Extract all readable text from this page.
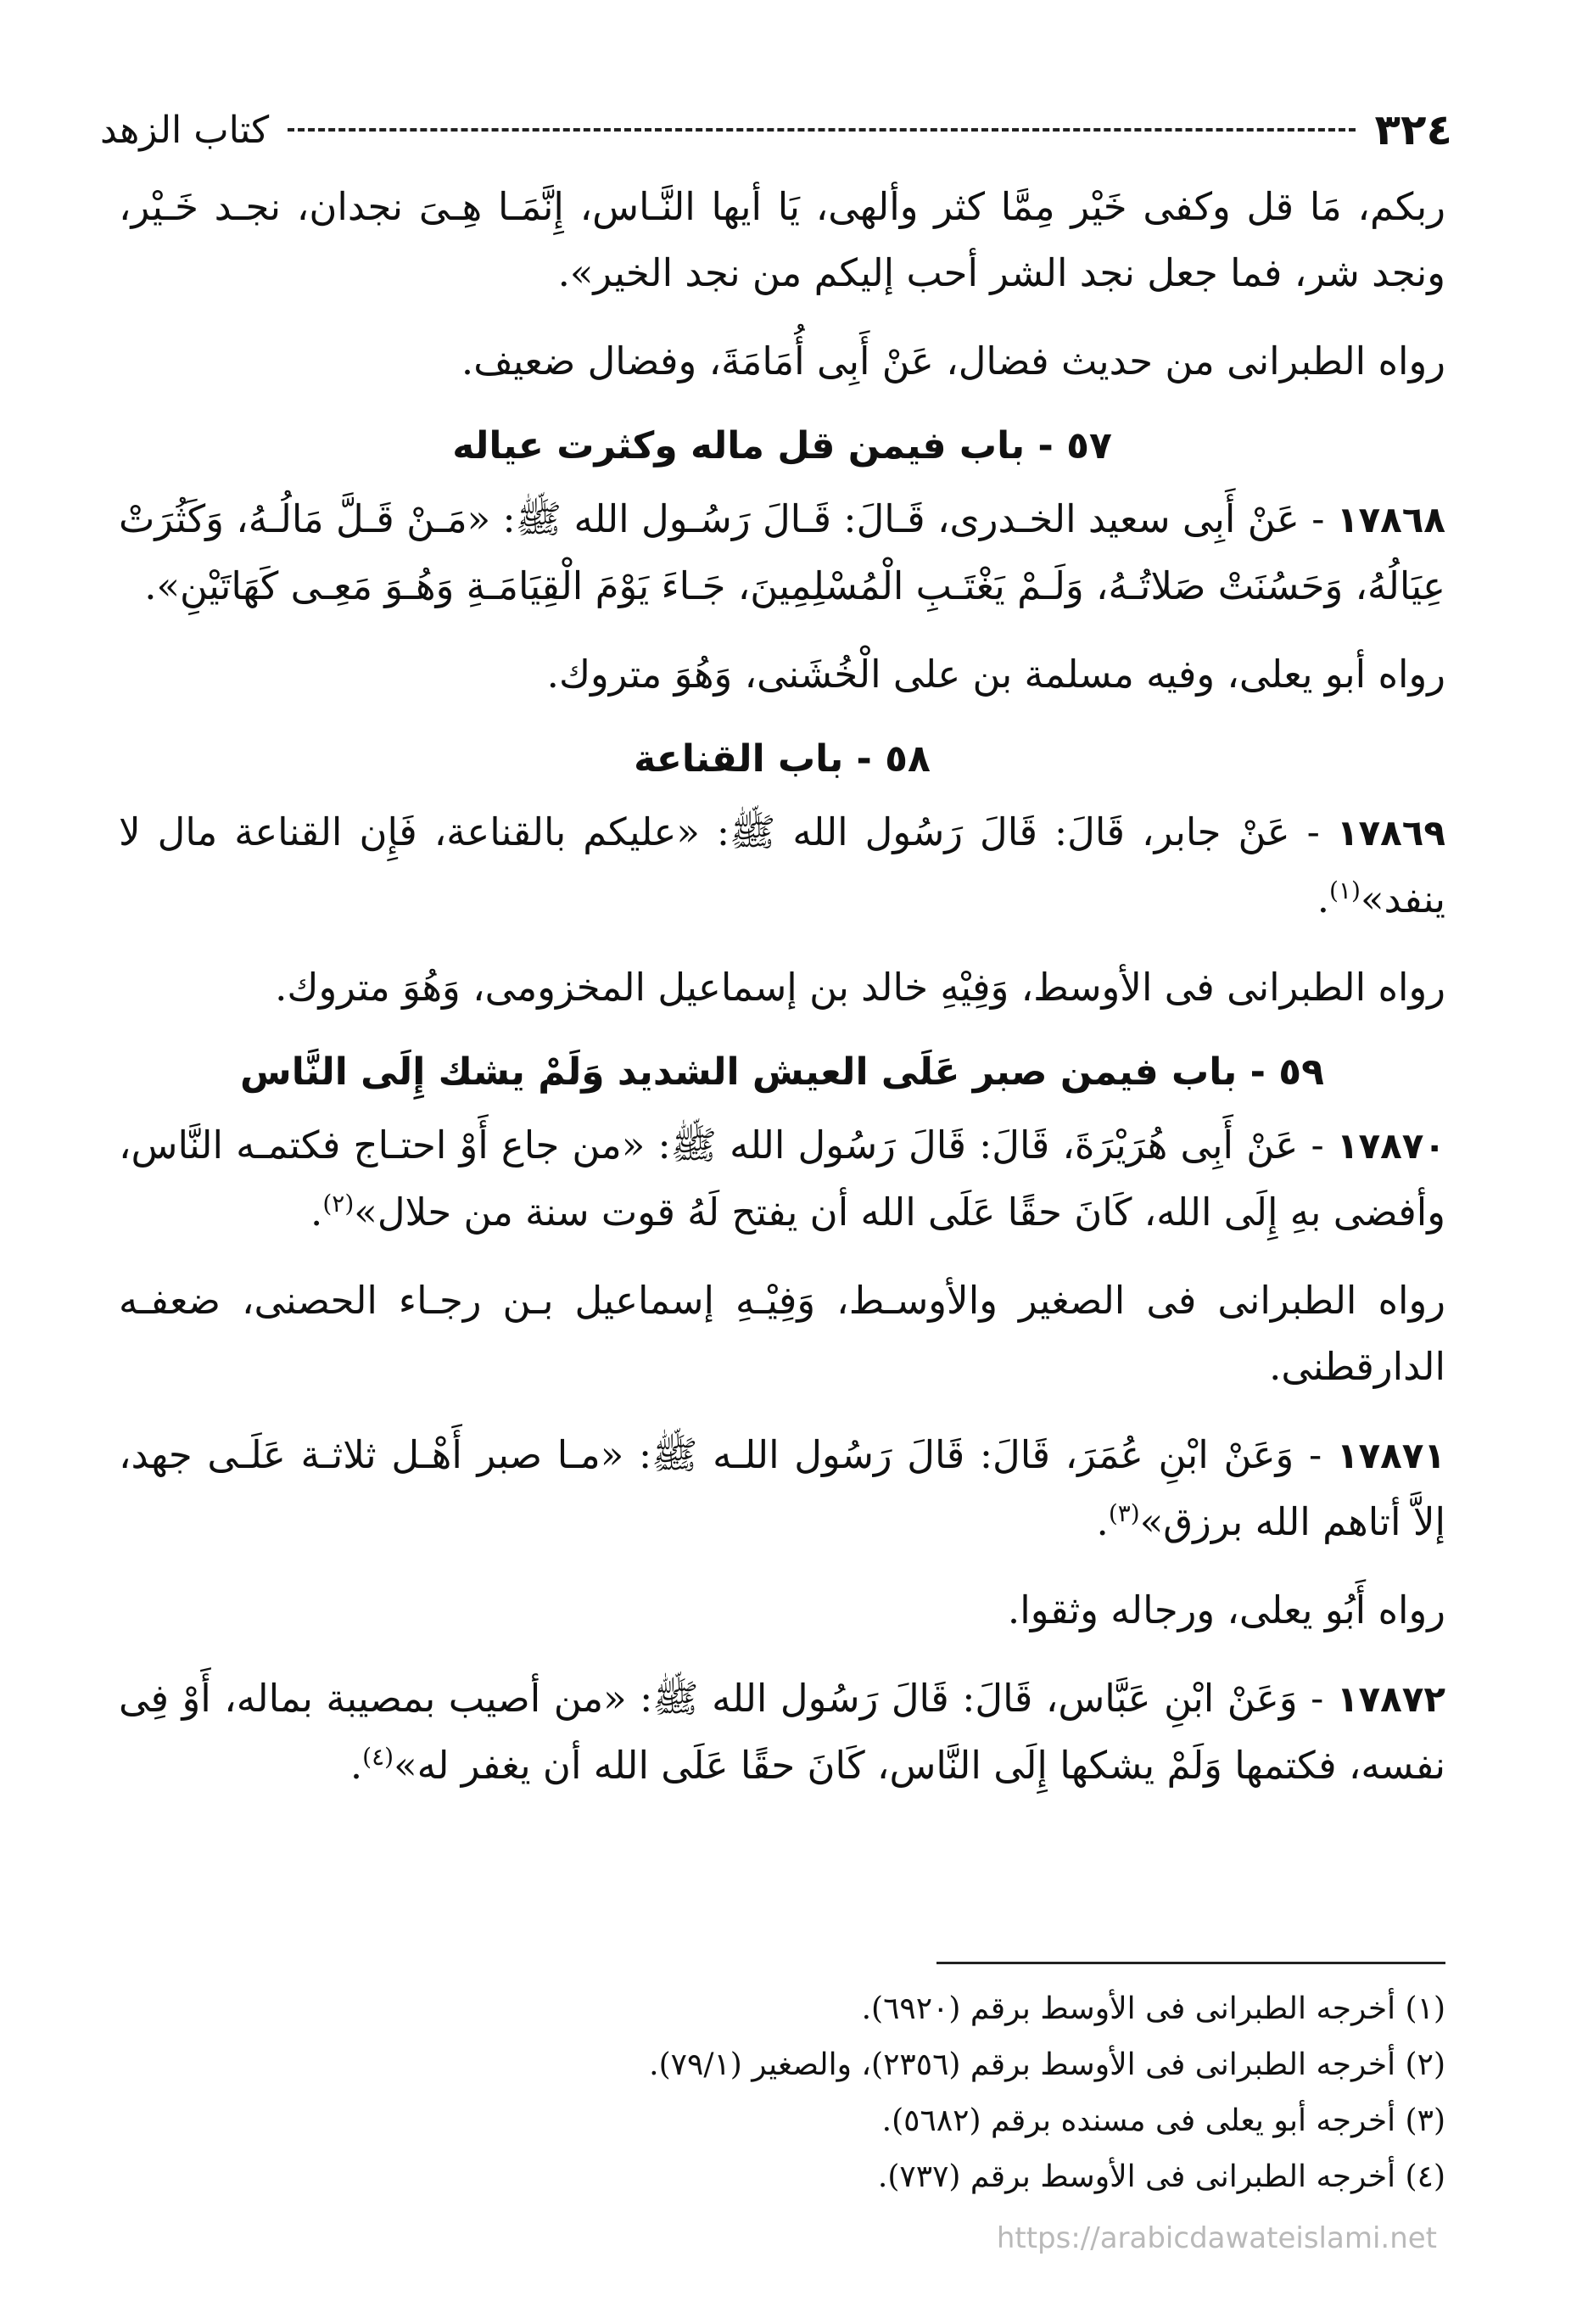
٣٢٤
كتاب الزهد

ربكم، مَا قل وكفى خَيْر مِمَّا كثر وألهى، يَا أيها النَّـاس، إِنَّمَـا هِـىَ نجدان، نجـد خَـيْر، ونجد شر، فما جعل نجد الشر أحب إليكم من نجد الخير».

رواه الطبرانى من حديث فضال، عَنْ أَبِى أُمَامَةَ، وفضال ضعيف.

٥٧ - باب فيمن قل ماله وكثرت عياله

١٧٨٦٨ - عَنْ أَبِى سعيد الخـدرى، قَـالَ: قَـالَ رَسُـول الله ﷺ: «مَـنْ قَـلَّ مَالُـهُ، وَكَثُرَتْ عِيَالُهُ، وَحَسُنَتْ صَلاتُـهُ، وَلَـمْ يَغْتَـبِ الْمُسْلِمِينَ، جَـاءَ يَوْمَ الْقِيَامَـةِ وَهُـوَ مَعِـى كَهَاتَيْنِ».

رواه أبو يعلى، وفيه مسلمة بن على الْخُشَنى، وَهُوَ متروك.

٥٨ - باب القناعة

١٧٨٦٩ - عَنْ جابر، قَالَ: قَالَ رَسُول الله ﷺ: «عليكم بالقناعة، فَإِن القناعة مال لا ينفد»$^{(١)}$.

رواه الطبرانى فى الأوسط، وَفِيْهِ خالد بن إسماعيل المخزومى، وَهُوَ متروك.

٥٩ - باب فيمن صبر عَلَى العيش الشديد وَلَمْ يشك إِلَى النَّاس

١٧٨٧٠ - عَنْ أَبِى هُرَيْرَةَ، قَالَ: قَالَ رَسُول الله ﷺ: «من جاع أَوْ احتـاج فكتمـه النَّاس، وأفضى بهِ إِلَى الله، كَانَ حقًا عَلَى الله أن يفتح لَهُ قوت سنة من حلال»$^{(٢)}$.

رواه الطبرانى فى الصغير والأوسـط، وَفِيْـهِ إسماعيل بـن رجـاء الحصنى، ضعفـه الدارقطنى.

١٧٨٧١ - وَعَنْ ابْنِ عُمَرَ، قَالَ: قَالَ رَسُول اللـه ﷺ: «مـا صبر أَهْـل ثلاثـة عَلَـى جهد، إلاَّ أتاهم الله برزق»$^{(٣)}$.

رواه أَبُو يعلى، ورجاله وثقوا.

١٧٨٧٢ - وَعَنْ ابْنِ عَبَّاس، قَالَ: قَالَ رَسُول الله ﷺ: «من أصيب بمصيبة بماله، أَوْ فِى نفسه، فكتمها وَلَمْ يشكها إِلَى النَّاس، كَانَ حقًا عَلَى الله أن يغفر له»$^{(٤)}$.

(١) أخرجه الطبرانى فى الأوسط برقم (٦٩٢٠).

(٢) أخرجه الطبرانى فى الأوسط برقم (٢٣٥٦)، والصغير (٧٩/١).

(٣) أخرجه أبو يعلى فى مسنده برقم (٥٦٨٢).

(٤) أخرجه الطبرانى فى الأوسط برقم (٧٣٧).

https://arabicdawateislami.net
